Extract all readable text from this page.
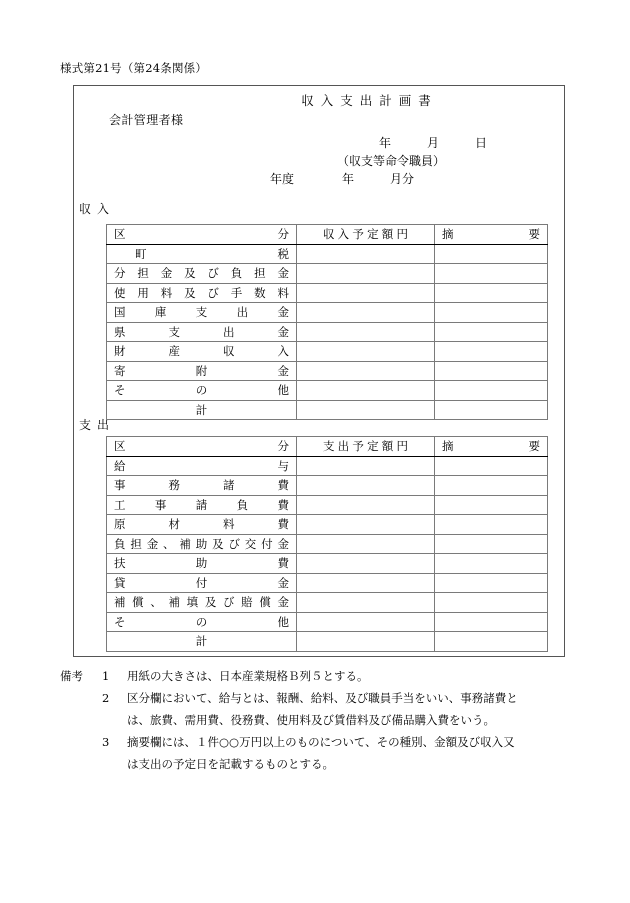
様式第21号（第24条関係）
収入支出計画書
会計管理者様
年　　　月　　　日
（収支等命令職員）
年度　　　　年　　　月分
収入
区分	収入予定額円	摘要

町税		

分担金及び負担金		

使用料及び手数料		

国庫支出金		

県支出金		

財産収入		

寄附金		

その他		

計		

支出
区分	支出予定額円	摘要

給与		

事務諸費		

工事請負費		

原材料費		

負担金、補助及び交付金		

扶助費		

貸付金		

補償、補填及び賠償金		

その他		

計		

備考	1	用紙の大きさは、日本産業規格Ｂ列５とする。
2	区分欄において、給与とは、報酬、給料、及び職員手当をいい、事務諸費と
は、旅費、需用費、役務費、使用料及び賃借料及び備品購入費をいう。
3	摘要欄には、１件○○万円以上のものについて、その種別、金額及び収入又
は支出の予定日を記載するものとする。
